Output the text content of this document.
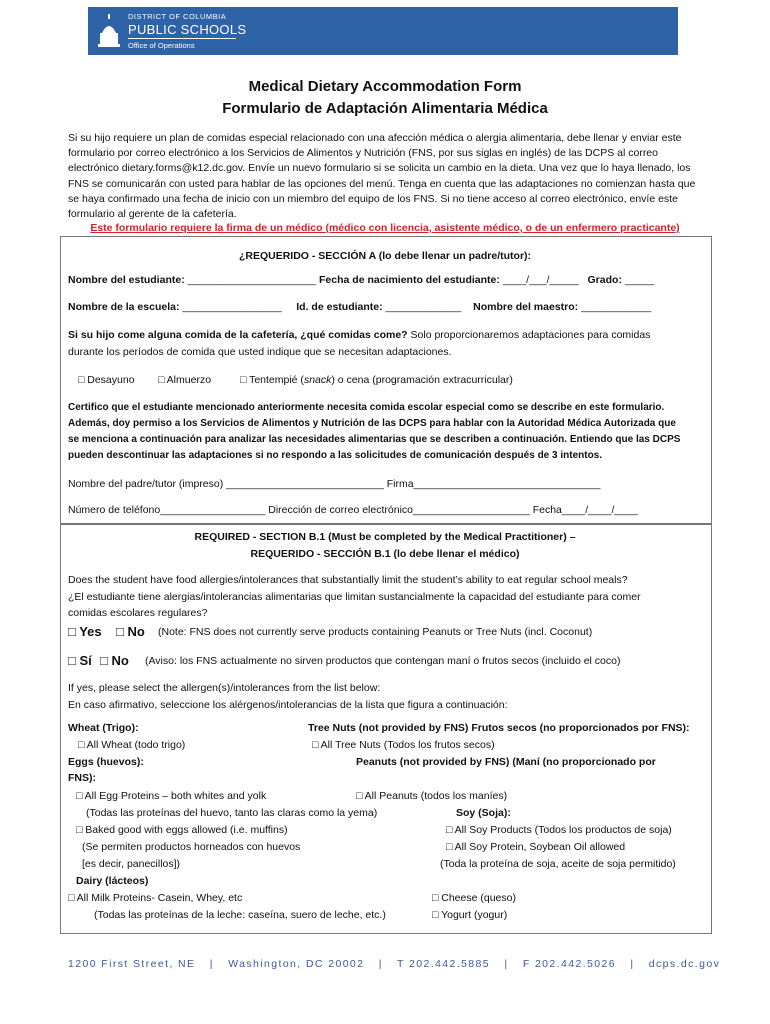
DISTRICT OF COLUMBIA
PUBLIC SCHOOLS
Office of Operations
Medical Dietary Accommodation Form
Formulario de Adaptación Alimentaria Médica
Si su hijo requiere un plan de comidas especial relacionado con una afección médica o alergia alimentaria, debe llenar y enviar este formulario por correo electrónico a los Servicios de Alimentos y Nutrición (FNS, por sus siglas en inglés) de las DCPS al correo electrónico dietary.forms@k12.dc.gov. Envíe un nuevo formulario si se solicita un cambio en la dieta. Una vez que lo haya llenado, los FNS se comunicarán con usted para hablar de las opciones del menú. Tenga en cuenta que las adaptaciones no comienzan hasta que se haya confirmado una fecha de inicio con un miembro del equipo de los FNS. Si no tiene acceso al correo electrónico, envíe este formulario al gerente de la cafetería.
Este formulario requiere la firma de un médico (médico con licencia, asistente médico, o de un enfermero practicante)
¿REQUERIDO - SECCIÓN A (lo debe llenar un padre/tutor):
Nombre del estudiante: ______________________ Fecha de nacimiento del estudiante: ____/___/_____ Grado: _____
Nombre de la escuela: _________________ Id. de estudiante: _____________ Nombre del maestro: ____________
Si su hijo come alguna comida de la cafetería, ¿qué comidas come? Solo proporcionaremos adaptaciones para comidas
durante los períodos de comida que usted indique que se necesitan adaptaciones.
□ Desayuno □ Almuerzo	□ Tentempié (snack) o cena (programación extracurricular)
Certifico que el estudiante mencionado anteriormente necesita comida escolar especial como se describe en este formulario.
Además, doy permiso a los Servicios de Alimentos y Nutrición de las DCPS para hablar con la Autoridad Médica Autorizada que
se menciona a continuación para analizar las necesidades alimentarias que se describen a continuación. Entiendo que las DCPS
pueden descontinuar las adaptaciones si no respondo a las solicitudes de comunicación después de 3 intentos.
Nombre del padre/tutor (impreso) ___________________________ Firma________________________________
Número de teléfono__________________ Dirección de correo electrónico____________________ Fecha____/____/____
REQUIRED - SECTION B.1 (Must be completed by the Medical Practitioner) –
REQUERIDO - SECCIÓN B.1 (lo debe llenar el médico)
Does the student have food allergies/intolerances that substantially limit the student’s ability to eat regular school meals?
¿El estudiante tiene alergias/intolerancias alimentarias que limitan sustancialmente la capacidad del estudiante para comer
comidas escolares regulares?
□ Yes □ No (Note: FNS does not currently serve products containing Peanuts or Tree Nuts (incl. Coconut)
□ Sí □ No (Aviso: los FNS actualmente no sirven productos que contengan maní o frutos secos (incluido el coco)
If yes, please select the allergen(s)/intolerances from the list below:
En caso afirmativo, seleccione los alérgenos/intolerancias de la lista que figura a continuación:
Wheat (Trigo):
□ All Wheat (todo trigo)
Eggs (huevos):
FNS):
□ All Egg Proteins – both whites and yolk
(Todas las proteínas del huevo, tanto las claras como la yema)
□ Baked good with eggs allowed (i.e. muffins)
(Se permiten productos horneados con huevos
[es decir, panecillos])
Dairy (lácteos)
□ All Milk Proteins- Casein, Whey, etc
(Todas las proteínas de la leche: caseína, suero de leche, etc.)
Tree Nuts (not provided by FNS) Frutos secos (no proporcionados por FNS):
□ All Tree Nuts (Todos los frutos secos)
Peanuts (not provided by FNS) (Maní (no proporcionado por
□ All Peanuts (todos los maníes)
Soy (Soja):
□ All Soy Products (Todos los productos de soja)
□ All Soy Protein, Soybean Oil allowed
(Toda la proteína de soja, aceite de soja permitido)
□ Cheese (queso)
□ Yogurt (yogur)
1200 First Street, NE | Washington, DC 20002 | T 202.442.5885 | F 202.442.5026 | dcps.dc.gov
